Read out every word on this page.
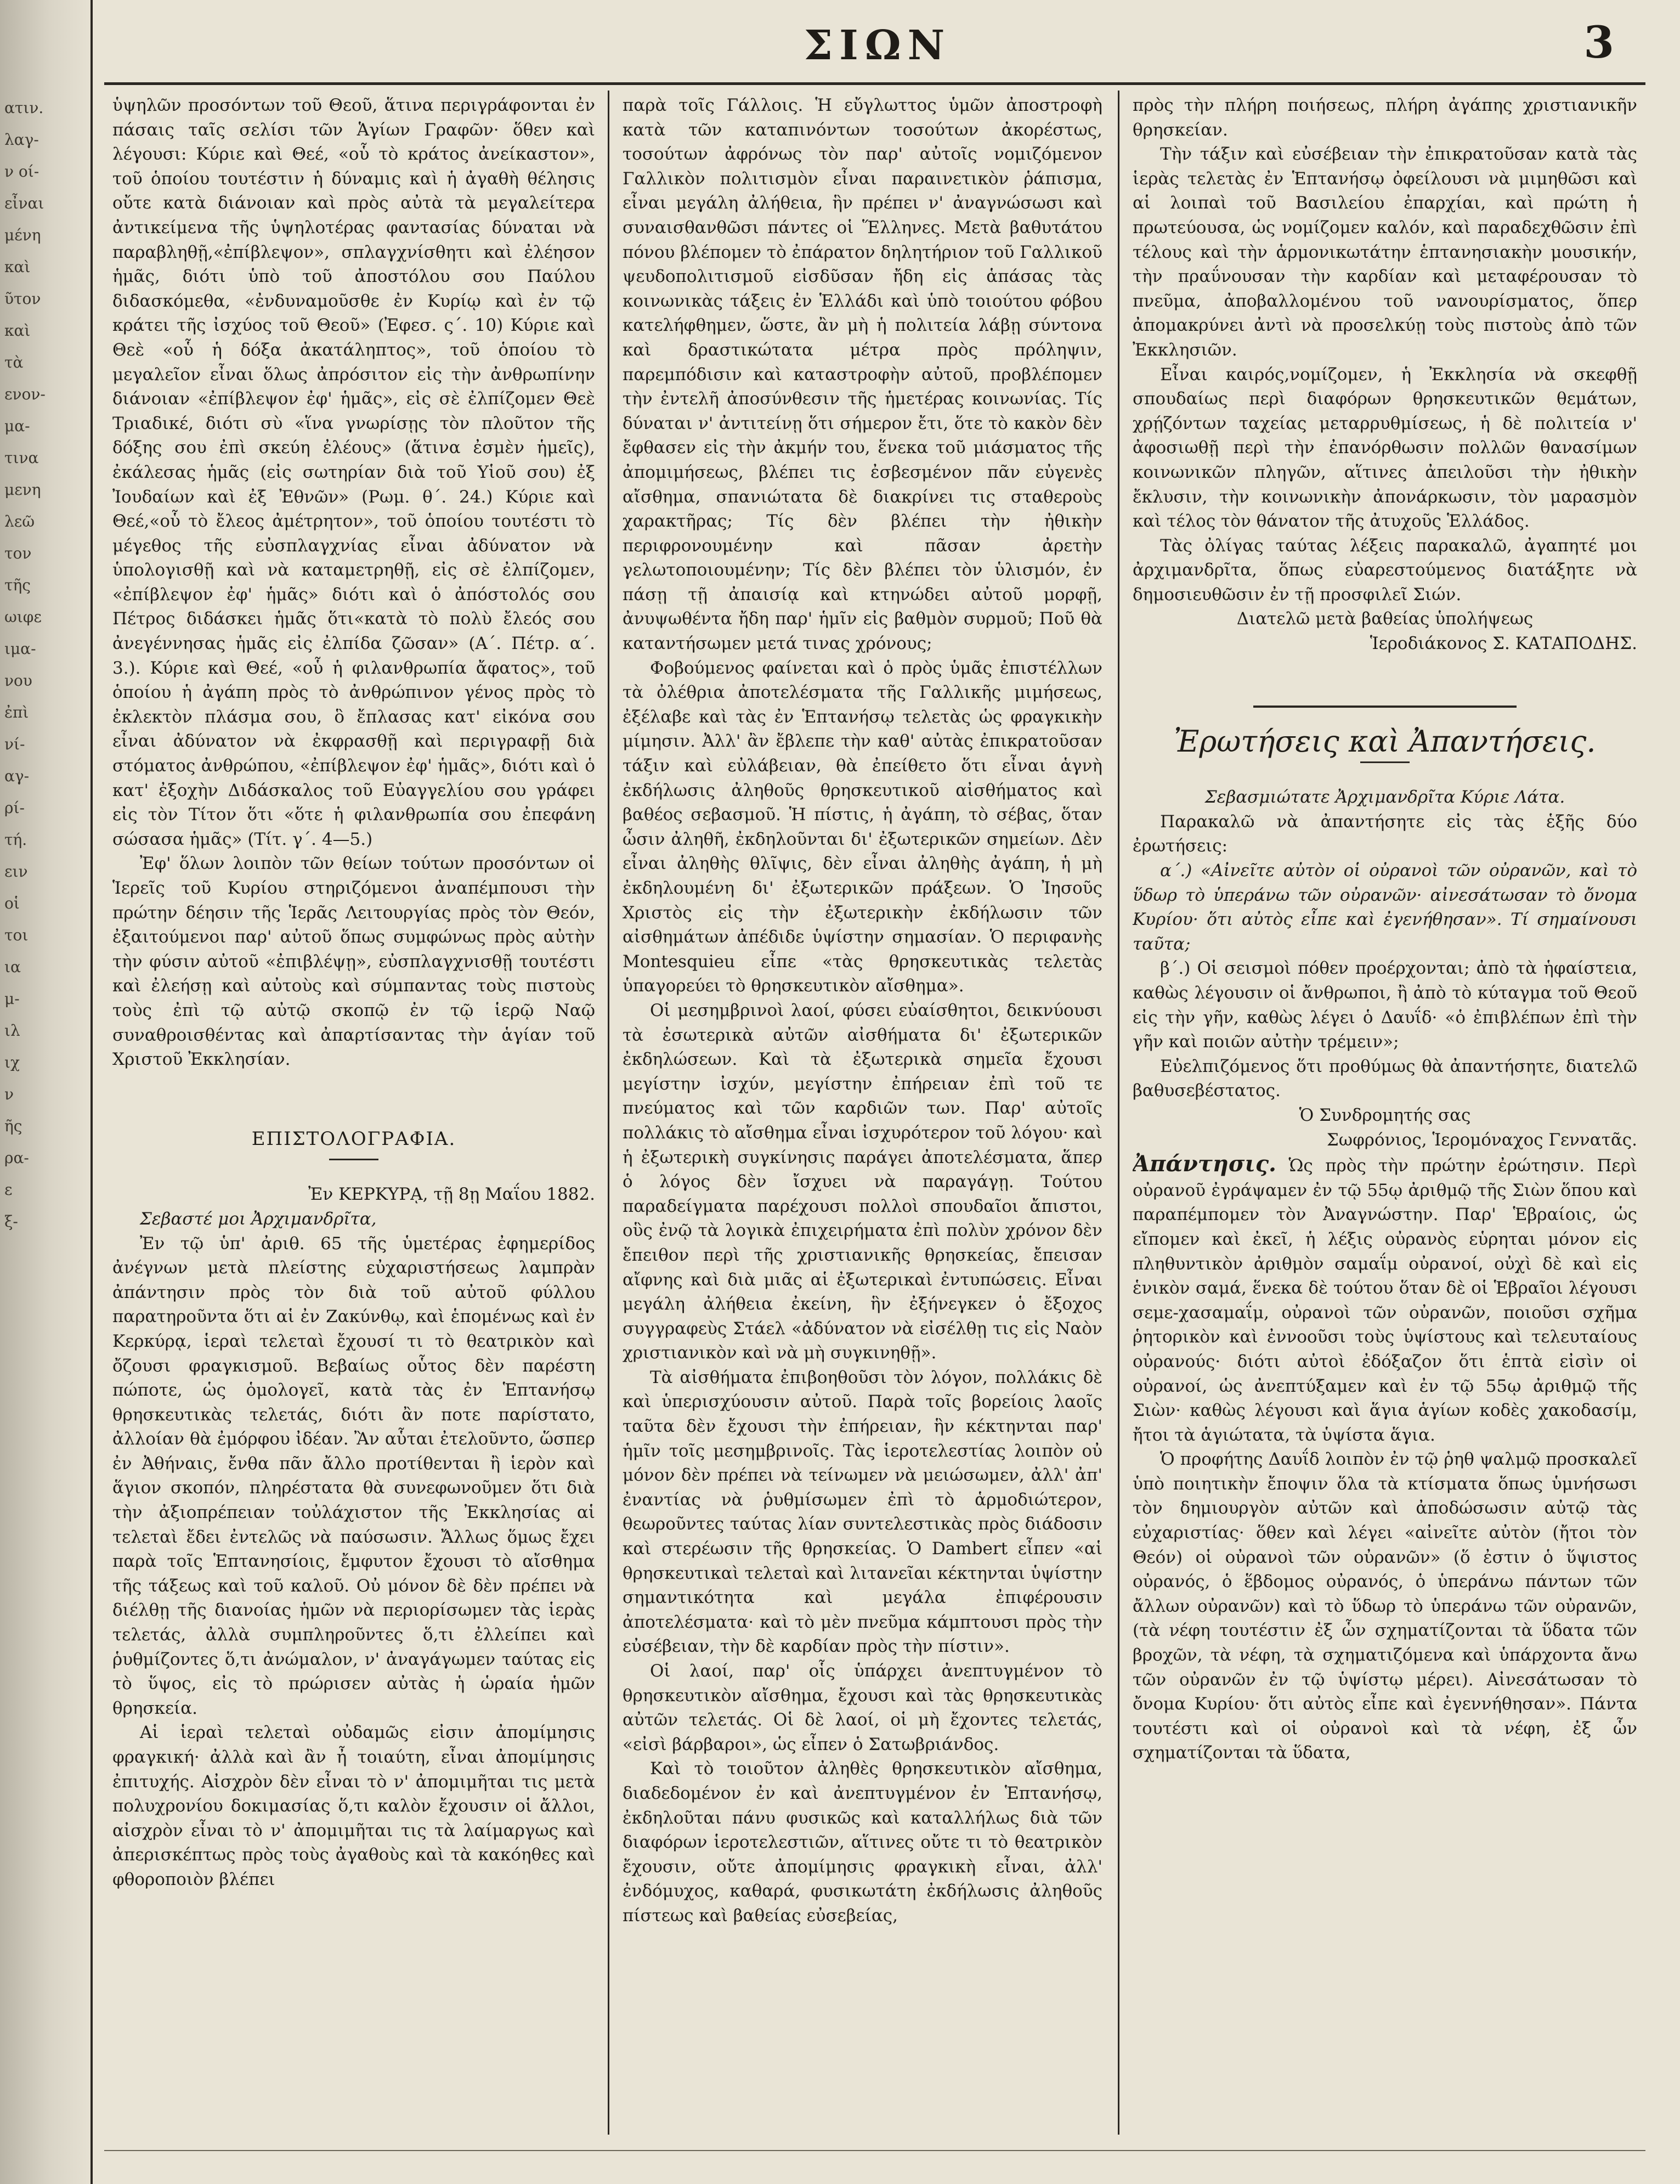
ατιν.
λαγ-
ν οί-
εἶναι
μένη
καὶ
ῦτον
καὶ
τὰ
ενον-
μα-
τινα
μενη
λεῶ
τον
τῆς
ωιφε
ιμα-
νου
ἐπὶ
νί-
αγ-
ρί-
τή.
ειν
οἱ
τοι
ια
μ-
ιλ
ιχ
ν
ῆς
ρα-
ε
ξ-
ΣΙΩΝ	3

ὑψηλῶν προσόντων τοῦ Θεοῦ, ἅτινα περιγράφονται ἐν πάσαις ταῖς σελίσι τῶν Ἁγίων Γραφῶν· ὅθεν καὶ λέγουσι: Κύριε καὶ Θεέ, «οὗ τὸ κράτος ἀνείκαστον», τοῦ ὁποίου τουτέστιν ἡ δύναμις καὶ ἡ ἀγαθὴ θέλησις οὔτε κατὰ διάνοιαν καὶ πρὸς αὐτὰ τὰ μεγαλείτερα ἀντικείμενα τῆς ὑψηλοτέρας φαντασίας δύναται νὰ παραβληθῇ,«ἐπίβλεψον», σπλαγχνίσθητι καὶ ἐλέησον ἡμᾶς, διότι ὑπὸ τοῦ ἀποστόλου σου Παύλου διδασκόμεθα, «ἐνδυναμοῦσθε ἐν Κυρίῳ καὶ ἐν τῷ κράτει τῆς ἰσχύος τοῦ Θεοῦ» (Ἐφεσ. ς΄. 10) Κύριε καὶ Θεὲ «οὗ ἡ δόξα ἀκατάληπτος», τοῦ ὁποίου τὸ μεγαλεῖον εἶναι ὅλως ἀπρόσιτον εἰς τὴν ἀνθρωπίνην διάνοιαν «ἐπίβλεψον ἐφ' ἡμᾶς», εἰς σὲ ἐλπίζομεν Θεὲ Τριαδικέ, διότι σὺ «ἵνα γνωρίσῃς τὸν πλοῦτον τῆς δόξης σου ἐπὶ σκεύη ἐλέους» (ἅτινα ἐσμὲν ἡμεῖς), ἐκάλεσας ἡμᾶς (εἰς σωτηρίαν διὰ τοῦ Υἱοῦ σου) ἐξ Ἰουδαίων καὶ ἐξ Ἐθνῶν» (Ρωμ. θ΄. 24.) Κύριε καὶ Θεέ,«οὗ τὸ ἔλεος ἀμέτρητον», τοῦ ὁποίου τουτέστι τὸ μέγεθος τῆς εὐσπλαγχνίας εἶναι ἀδύνατον νὰ ὑπολογισθῇ καὶ νὰ καταμετρηθῇ, εἰς σὲ ἐλπίζομεν, «ἐπίβλεψον ἐφ' ἡμᾶς» διότι καὶ ὁ ἀπόστολός σου Πέτρος διδάσκει ἡμᾶς ὅτι«κατὰ τὸ πολὺ ἔλεός σου ἀνεγέννησας ἡμᾶς εἰς ἐλπίδα ζῶσαν» (Α΄. Πέτρ. α΄. 3.). Κύριε καὶ Θεέ, «οὗ ἡ φιλανθρωπία ἄφατος», τοῦ ὁποίου ἡ ἀγάπη πρὸς τὸ ἀνθρώπινον γένος πρὸς τὸ ἐκλεκτὸν πλάσμα σου, ὃ ἔπλασας κατ' εἰκόνα σου εἶναι ἀδύνατον νὰ ἐκφρασθῇ καὶ περιγραφῇ διὰ στόματος ἀνθρώπου, «ἐπίβλεψον ἐφ' ἡμᾶς», διότι καὶ ὁ κατ' ἐξοχὴν Διδάσκαλος τοῦ Εὐαγγελίου σου γράφει εἰς τὸν Τίτον ὅτι «ὅτε ἡ φιλανθρωπία σου ἐπεφάνη σώσασα ἡμᾶς» (Τίτ. γ΄. 4—5.)

Ἐφ' ὅλων λοιπὸν τῶν θείων τούτων προσόντων οἱ Ἱερεῖς τοῦ Κυρίου στηριζόμενοι ἀναπέμπουσι τὴν πρώτην δέησιν τῆς Ἱερᾶς Λειτουργίας πρὸς τὸν Θεόν, ἐξαιτούμενοι παρ' αὐτοῦ ὅπως συμφώνως πρὸς αὐτὴν τὴν φύσιν αὐτοῦ «ἐπιβλέψῃ», εὐσπλαγχνισθῇ τουτέστι καὶ ἐλεήσῃ καὶ αὐτοὺς καὶ σύμπαντας τοὺς πιστοὺς τοὺς ἐπὶ τῷ αὐτῷ σκοπῷ ἐν τῷ ἱερῷ Ναῷ συναθροισθέντας καὶ ἀπαρτίσαντας τὴν ἁγίαν τοῦ Χριστοῦ Ἐκκλησίαν.

ΕΠΙΣΤΟΛΟΓΡΑΦΙΑ.

Ἐν ΚΕΡΚΥΡᾼ, τῇ 8ῃ Μαΐου 1882.

Σεβαστέ μοι Ἀρχιμανδρῖτα,

Ἐν τῷ ὑπ' ἀριθ. 65 τῆς ὑμετέρας ἐφημερίδος ἀνέγνων μετὰ πλείστης εὐχαριστήσεως λαμπρὰν ἀπάντησιν πρὸς τὸν διὰ τοῦ αὐτοῦ φύλλου παρατηροῦντα ὅτι αἱ ἐν Ζακύνθῳ, καὶ ἑπομένως καὶ ἐν Κερκύρᾳ, ἱεραὶ τελεταὶ ἔχουσί τι τὸ θεατρικὸν καὶ ὄζουσι φραγκισμοῦ. Βεβαίως οὗτος δὲν παρέστη πώποτε, ὡς ὁμολογεῖ, κατὰ τὰς ἐν Ἑπτανήσῳ θρησκευτικὰς τελετάς, διότι ἂν ποτε παρίστατο, ἀλλοίαν θὰ ἐμόρφου ἰδέαν. Ἂν αὗται ἐτελοῦντο, ὥσπερ ἐν Ἀθήναις, ἔνθα πᾶν ἄλλο προτίθενται ἢ ἱερὸν καὶ ἅγιον σκοπόν, πληρέστατα θὰ συνεφωνοῦμεν ὅτι διὰ τὴν ἀξιοπρέπειαν τοὐλάχιστον τῆς Ἐκκλησίας αἱ τελεταὶ ἔδει ἐντελῶς νὰ παύσωσιν. Ἄλλως ὅμως ἔχει παρὰ τοῖς Ἑπτανησίοις, ἔμφυτον ἔχουσι τὸ αἴσθημα τῆς τάξεως καὶ τοῦ καλοῦ. Οὐ μόνον δὲ δὲν πρέπει νὰ διέλθῃ τῆς διανοίας ἡμῶν νὰ περιορίσωμεν τὰς ἱερὰς τελετάς, ἀλλὰ συμπληροῦντες ὅ,τι ἐλλείπει καὶ ῥυθμίζοντες ὅ,τι ἀνώμαλον, ν' ἀναγάγωμεν ταύτας εἰς τὸ ὕψος, εἰς τὸ πρώρισεν αὐτὰς ἡ ὡραία ἡμῶν θρησκεία.

Αἱ ἱεραὶ τελεταὶ οὐδαμῶς εἰσιν ἀπομίμησις φραγκική· ἀλλὰ καὶ ἂν ἦ τοιαύτη, εἶναι ἀπομίμησις ἐπιτυχής. Αἰσχρὸν δὲν εἶναι τὸ ν' ἀπομιμῆται τις μετὰ πολυχρονίου δοκιμασίας ὅ,τι καλὸν ἔχουσιν οἱ ἄλλοι, αἰσχρὸν εἶναι τὸ ν' ἀπομιμῆται τις τὰ λαίμαργως καὶ ἀπερισκέπτως πρὸς τοὺς ἀγαθοὺς καὶ τὰ κακόηθες καὶ φθοροποιὸν βλέπει

παρὰ τοῖς Γάλλοις. Ἡ εὔγλωττος ὑμῶν ἀποστροφὴ κατὰ τῶν καταπινόντων τοσούτων ἀκορέστως, τοσούτων ἀφρόνως τὸν παρ' αὐτοῖς νομιζόμενον Γαλλικὸν πολιτισμὸν εἶναι παραινετικὸν ῥάπισμα, εἶναι μεγάλη ἀλήθεια, ἣν πρέπει ν' ἀναγνώσωσι καὶ συναισθανθῶσι πάντες οἱ Ἕλληνες. Μετὰ βαθυτάτου πόνου βλέπομεν τὸ ἐπάρατον δηλητήριον τοῦ Γαλλικοῦ ψευδοπολιτισμοῦ εἰσδῦσαν ἤδη εἰς ἁπάσας τὰς κοινωνικὰς τάξεις ἐν Ἑλλάδι καὶ ὑπὸ τοιούτου φόβου κατελήφθημεν, ὥστε, ἂν μὴ ἡ πολιτεία λάβῃ σύντονα καὶ δραστικώτατα μέτρα πρὸς πρόληψιν, παρεμπόδισιν καὶ καταστροφὴν αὐτοῦ, προβλέπομεν τὴν ἐντελῆ ἀποσύνθεσιν τῆς ἡμετέρας κοινωνίας. Τίς δύναται ν' ἀντιτείνῃ ὅτι σήμερον ἔτι, ὅτε τὸ κακὸν δὲν ἔφθασεν εἰς τὴν ἀκμήν του, ἕνεκα τοῦ μιάσματος τῆς ἀπομιμήσεως, βλέπει τις ἐσβεσμένον πᾶν εὐγενὲς αἴσθημα, σπανιώτατα δὲ διακρίνει τις σταθεροὺς χαρακτῆρας; Τίς δὲν βλέπει τὴν ἠθικὴν περιφρονουμένην καὶ πᾶσαν ἀρετὴν γελωτοποιουμένην; Τίς δὲν βλέπει τὸν ὑλισμόν, ἐν πάσῃ τῇ ἀπαισίᾳ καὶ κτηνώδει αὐτοῦ μορφῇ, ἀνυψωθέντα ἤδη παρ' ἡμῖν εἰς βαθμὸν συρμοῦ; Ποῦ θὰ καταντήσωμεν μετά τινας χρόνους;

Φοβούμενος φαίνεται καὶ ὁ πρὸς ὑμᾶς ἐπιστέλλων τὰ ὀλέθρια ἀποτελέσματα τῆς Γαλλικῆς μιμήσεως, ἐξέλαβε καὶ τὰς ἐν Ἑπτανήσῳ τελετὰς ὡς φραγκικὴν μίμησιν. Ἀλλ' ἂν ἔβλεπε τὴν καθ' αὐτὰς ἐπικρατοῦσαν τάξιν καὶ εὐλάβειαν, θὰ ἐπείθετο ὅτι εἶναι ἁγνὴ ἐκδήλωσις ἀληθοῦς θρησκευτικοῦ αἰσθήματος καὶ βαθέος σεβασμοῦ. Ἡ πίστις, ἡ ἀγάπη, τὸ σέβας, ὅταν ὦσιν ἀληθῆ, ἐκδηλοῦνται δι' ἐξωτερικῶν σημείων. Δὲν εἶναι ἀληθὴς θλῖψις, δὲν εἶναι ἀληθὴς ἀγάπη, ἡ μὴ ἐκδηλουμένη δι' ἐξωτερικῶν πράξεων. Ὁ Ἰησοῦς Χριστὸς εἰς τὴν ἐξωτερικὴν ἐκδήλωσιν τῶν αἰσθημάτων ἀπέδιδε ὑψίστην σημασίαν. Ὁ περιφανὴς Montesquieu εἶπε «τὰς θρησκευτικὰς τελετὰς ὑπαγορεύει τὸ θρησκευτικὸν αἴσθημα».

Οἱ μεσημβρινοὶ λαοί, φύσει εὐαίσθητοι, δεικνύουσι τὰ ἐσωτερικὰ αὐτῶν αἰσθήματα δι' ἐξωτερικῶν ἐκδηλώσεων. Καὶ τὰ ἐξωτερικὰ σημεῖα ἔχουσι μεγίστην ἰσχύν, μεγίστην ἐπήρειαν ἐπὶ τοῦ τε πνεύματος καὶ τῶν καρδιῶν των. Παρ' αὐτοῖς πολλάκις τὸ αἴσθημα εἶναι ἰσχυρότερον τοῦ λόγου· καὶ ἡ ἐξωτερικὴ συγκίνησις παράγει ἀποτελέσματα, ἅπερ ὁ λόγος δὲν ἴσχυει νὰ παραγάγῃ. Τούτου παραδείγματα παρέχουσι πολλοὶ σπουδαῖοι ἄπιστοι, οὓς ἐνῷ τὰ λογικὰ ἐπιχειρήματα ἐπὶ πολὺν χρόνον δὲν ἔπειθον περὶ τῆς χριστιανικῆς θρησκείας, ἔπεισαν αἴφνης καὶ διὰ μιᾶς αἱ ἐξωτερικαὶ ἐντυπώσεις. Εἶναι μεγάλη ἀλήθεια ἐκείνη, ἣν ἐξήνεγκεν ὁ ἔξοχος συγγραφεὺς Στάελ «ἀδύνατον νὰ εἰσέλθῃ τις εἰς Ναὸν χριστιανικὸν καὶ νὰ μὴ συγκινηθῇ».

Τὰ αἰσθήματα ἐπιβοηθοῦσι τὸν λόγον, πολλάκις δὲ καὶ ὑπερισχύουσιν αὐτοῦ. Παρὰ τοῖς βορείοις λαοῖς ταῦτα δὲν ἔχουσι τὴν ἐπήρειαν, ἣν κέκτηνται παρ' ἡμῖν τοῖς μεσημβρινοῖς. Τὰς ἱεροτελεστίας λοιπὸν οὐ μόνον δὲν πρέπει νὰ τείνωμεν νὰ μειώσωμεν, ἀλλ' ἀπ' ἐναντίας νὰ ῥυθμίσωμεν ἐπὶ τὸ ἁρμοδιώτερον, θεωροῦντες ταύτας λίαν συντελεστικὰς πρὸς διάδοσιν καὶ στερέωσιν τῆς θρησκείας. Ὁ Dambert εἶπεν «αἱ θρησκευτικαὶ τελεταὶ καὶ λιτανεῖαι κέκτηνται ὑψίστην σημαντικότητα καὶ μεγάλα ἐπιφέρουσιν ἀποτελέσματα· καὶ τὸ μὲν πνεῦμα κάμπτουσι πρὸς τὴν εὐσέβειαν, τὴν δὲ καρδίαν πρὸς τὴν πίστιν».

Οἱ λαοί, παρ' οἷς ὑπάρχει ἀνεπτυγμένον τὸ θρησκευτικὸν αἴσθημα, ἔχουσι καὶ τὰς θρησκευτικὰς αὐτῶν τελετάς. Οἱ δὲ λαοί, οἱ μὴ ἔχοντες τελετάς, «εἰσὶ βάρβαροι», ὡς εἶπεν ὁ Σατωβριάνδος.

Καὶ τὸ τοιοῦτον ἀληθὲς θρησκευτικὸν αἴσθημα, διαδεδομένον ἐν καὶ ἀνεπτυγμένον ἐν Ἑπτανήσῳ, ἐκδηλοῦται πάνυ φυσικῶς καὶ καταλλήλως διὰ τῶν διαφόρων ἱεροτελεστιῶν, αἵτινες οὔτε τι τὸ θεατρικὸν ἔχουσιν, οὔτε ἀπομίμησις φραγκικὴ εἶναι, ἀλλ' ἐνδόμυχος, καθαρά, φυσικωτάτη ἐκδήλωσις ἀληθοῦς πίστεως καὶ βαθείας εὐσεβείας,

πρὸς τὴν πλήρη ποιήσεως, πλήρη ἀγάπης χριστιανικῆν θρησκείαν.

Τὴν τάξιν καὶ εὐσέβειαν τὴν ἐπικρατοῦσαν κατὰ τὰς ἱερὰς τελετὰς ἐν Ἑπτανήσῳ ὀφείλουσι νὰ μιμηθῶσι καὶ αἱ λοιπαὶ τοῦ Βασιλείου ἐπαρχίαι, καὶ πρώτη ἡ πρωτεύουσα, ὡς νομίζομεν καλόν, καὶ παραδεχθῶσιν ἐπὶ τέλους καὶ τὴν ἁρμονικωτάτην ἑπτανησιακὴν μουσικήν, τὴν πραΰνουσαν τὴν καρδίαν καὶ μεταφέρουσαν τὸ πνεῦμα, ἀποβαλλομένου τοῦ νανουρίσματος, ὅπερ ἀπομακρύνει ἀντὶ νὰ προσελκύῃ τοὺς πιστοὺς ἀπὸ τῶν Ἐκκλησιῶν.

Εἶναι καιρός,νομίζομεν, ἡ Ἐκκλησία νὰ σκεφθῇ σπουδαίως περὶ διαφόρων θρησκευτικῶν θεμάτων, χρῄζόντων ταχείας μεταρρυθμίσεως, ἡ δὲ πολιτεία ν' ἀφοσιωθῇ περὶ τὴν ἐπανόρθωσιν πολλῶν θανασίμων κοινωνικῶν πληγῶν, αἵτινες ἀπειλοῦσι τὴν ἠθικὴν ἔκλυσιν, τὴν κοινωνικὴν ἀπονάρκωσιν, τὸν μαρασμὸν καὶ τέλος τὸν θάνατον τῆς ἀτυχοῦς Ἑλλάδος.

Τὰς ὀλίγας ταύτας λέξεις παρακαλῶ, ἀγαπητέ μοι ἀρχιμανδρῖτα, ὅπως εὐαρεστούμενος διατάξητε νὰ δημοσιευθῶσιν ἐν τῇ προσφιλεῖ Σιών.

Διατελῶ μετὰ βαθείας ὑπολήψεως

Ἱεροδιάκονος Σ. ΚΑΤΑΠΟΔΗΣ.

Ἐρωτήσεις καὶ Ἀπαντήσεις.

Σεβασμιώτατε Ἀρχιμανδρῖτα Κύριε Λάτα.

Παρακαλῶ νὰ ἀπαντήσητε εἰς τὰς ἑξῆς δύο ἐρωτήσεις:

α΄.) «Αἰνεῖτε αὐτὸν οἱ οὐρανοὶ τῶν οὐρανῶν, καὶ τὸ ὕδωρ τὸ ὑπεράνω τῶν οὐρανῶν· αἰνεσάτωσαν τὸ ὄνομα Κυρίου· ὅτι αὐτὸς εἶπε καὶ ἐγενήθησαν». Τί σημαίνουσι ταῦτα;

β΄.) Οἱ σεισμοὶ πόθεν προέρχονται; ἀπὸ τὰ ἡφαίστεια, καθὼς λέγουσιν οἱ ἄνθρωποι, ἢ ἀπὸ τὸ κύταγμα τοῦ Θεοῦ εἰς τὴν γῆν, καθὼς λέγει ὁ Δαυΐδ· «ὁ ἐπιβλέπων ἐπὶ τὴν γῆν καὶ ποιῶν αὐτὴν τρέμειν»;

Εὐελπιζόμενος ὅτι προθύμως θὰ ἀπαντήσητε, διατελῶ βαθυσεβέστατος.

Ὁ Συνδρομητής σας

Σωφρόνιος, Ἱερομόναχος Γεννατᾶς.

Ἀπάντησις. Ὡς πρὸς τὴν πρώτην ἐρώτησιν. Περὶ οὐρανοῦ ἐγράψαμεν ἐν τῷ 55ῳ ἀριθμῷ τῆς Σιὼν ὅπου καὶ παραπέμπομεν τὸν Ἀναγνώστην. Παρ' Ἑβραίοις, ὡς εἴπομεν καὶ ἐκεῖ, ἡ λέξις οὐρανὸς εὑρηται μόνον εἰς πληθυντικὸν ἀριθμὸν σαμαΐμ οὐρανοί, οὐχὶ δὲ καὶ εἰς ἑνικὸν σαμά, ἕνεκα δὲ τούτου ὅταν δὲ οἱ Ἑβραῖοι λέγουσι σεμε-χασαμαΐμ, οὐρανοὶ τῶν οὐρανῶν, ποιοῦσι σχῆμα ῥητορικὸν καὶ ἐννοοῦσι τοὺς ὑψίστους καὶ τελευταίους οὐρανούς· διότι αὐτοὶ ἐδόξαζον ὅτι ἑπτὰ εἰσὶν οἱ οὐρανοί, ὡς ἀνεπτύξαμεν καὶ ἐν τῷ 55ῳ ἀριθμῷ τῆς Σιὼν· καθὼς λέγουσι καὶ ἅγια ἁγίων κοδὲς χακοδασίμ, ἤτοι τὰ ἁγιώτατα, τὰ ὑψίστα ἅγια.

Ὁ προφήτης Δαυΐδ λοιπὸν ἐν τῷ ῥηθ ψαλμῷ προσκαλεῖ ὑπὸ ποιητικὴν ἔποψιν ὅλα τὰ κτίσματα ὅπως ὑμνήσωσι τὸν δημιουργὸν αὐτῶν καὶ ἀποδώσωσιν αὐτῷ τὰς εὐχαριστίας· ὅθεν καὶ λέγει «αἰνεῖτε αὐτὸν (ἤτοι τὸν Θεόν) οἱ οὐρανοὶ τῶν οὐρανῶν» (ὅ ἐστιν ὁ ὕψιστος οὐρανός, ὁ ἕβδομος οὐρανός, ὁ ὑπεράνω πάντων τῶν ἄλλων οὐρανῶν) καὶ τὸ ὕδωρ τὸ ὑπεράνω τῶν οὐρανῶν, (τὰ νέφη τουτέστιν ἐξ ὧν σχηματίζονται τὰ ὕδατα τῶν βροχῶν, τὰ νέφη, τὰ σχηματιζόμενα καὶ ὑπάρχοντα ἄνω τῶν οὐρανῶν ἐν τῷ ὑψίστῳ μέρει). Αἰνεσάτωσαν τὸ ὄνομα Κυρίου· ὅτι αὐτὸς εἶπε καὶ ἐγεννήθησαν». Πάντα τουτέστι καὶ οἱ οὐρανοὶ καὶ τὰ νέφη, ἐξ ὧν σχηματίζονται τὰ ὕδατα,
